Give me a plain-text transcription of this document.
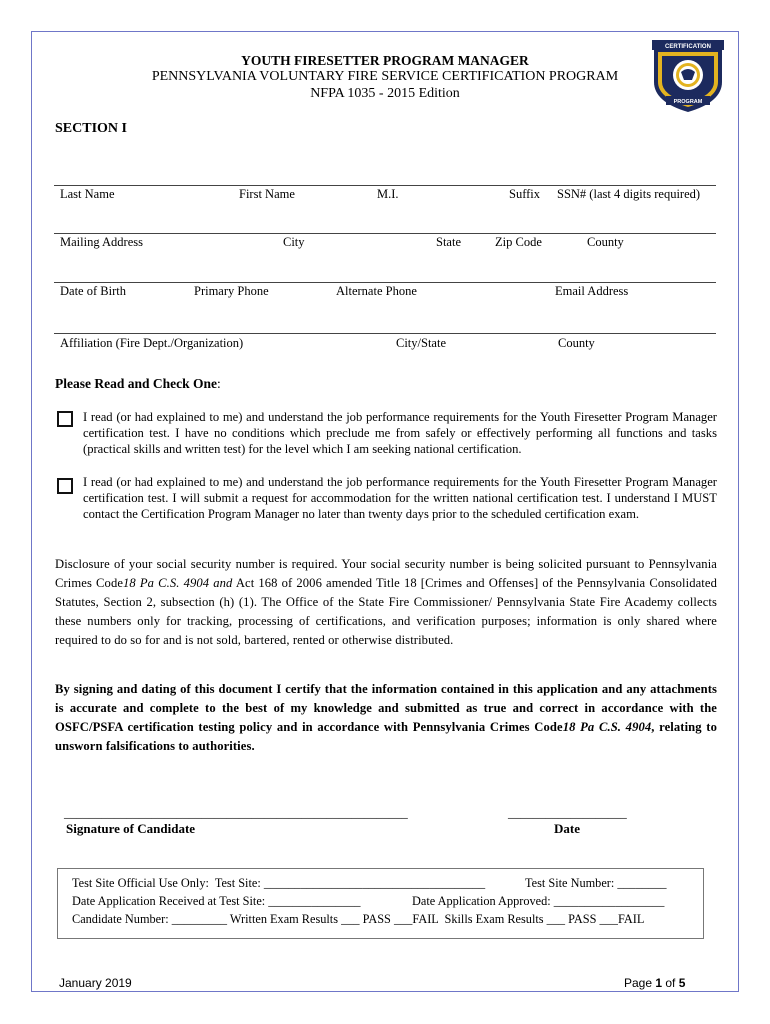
YOUTH FIRESETTER PROGRAM MANAGER
PENNSYLVANIA VOLUNTARY FIRE SERVICE CERTIFICATION PROGRAM
NFPA 1035 - 2015 Edition
CERTIFICATION
PROGRAM
SECTION I
Last Name	First Name	M.I.	Suffix SSN# (last 4 digits required)
Mailing Address	City	State	Zip Code	County
Date of Birth	Primary Phone	Alternate Phone	Email Address
Affiliation (Fire Dept./Organization)	City/State	County
Please Read and Check One:
I read (or had explained to me) and understand the job performance requirements for the Youth Firesetter Program Manager certification test. I have no conditions which preclude me from safely or effectively performing all functions and tasks (practical skills and written test) for the level which I am seeking national certification.
I read (or had explained to me) and understand the job performance requirements for the Youth Firesetter Program Manager certification test. I will submit a request for accommodation for the written national certification test. I understand I MUST contact the Certification Program Manager no later than twenty days prior to the scheduled certification exam.
Disclosure of your social security number is required. Your social security number is being solicited pursuant to Pennsylvania Crimes Code18 Pa C.S. 4904 and Act 168 of 2006 amended Title 18 [Crimes and Offenses] of the Pennsylvania Consolidated Statutes, Section 2, subsection (h) (1). The Office of the State Fire Commissioner/ Pennsylvania State Fire Academy collects these numbers only for tracking, processing of certifications, and verification purposes; information is only shared where required to do so for and is not sold, bartered, rented or otherwise distributed.
By signing and dating of this document I certify that the information contained in this application and any attachments is accurate and complete to the best of my knowledge and submitted as true and correct in accordance with the OSFC/PSFA certification testing policy and in accordance with Pennsylvania Crimes Code18 Pa C.S. 4904, relating to unsworn falsifications to authorities.
_______________________________________________________
Signature of Candidate
___________________
Date
Test Site Official Use Only:  Test Site: ____________________________________	Test Site Number: ________
Date Application Received at Test Site: _______________	Date Application Approved: __________________
Candidate Number: _________ Written Exam Results ___ PASS ___FAIL  Skills Exam Results ___ PASS ___FAIL
January 2019	Page 1 of 5
